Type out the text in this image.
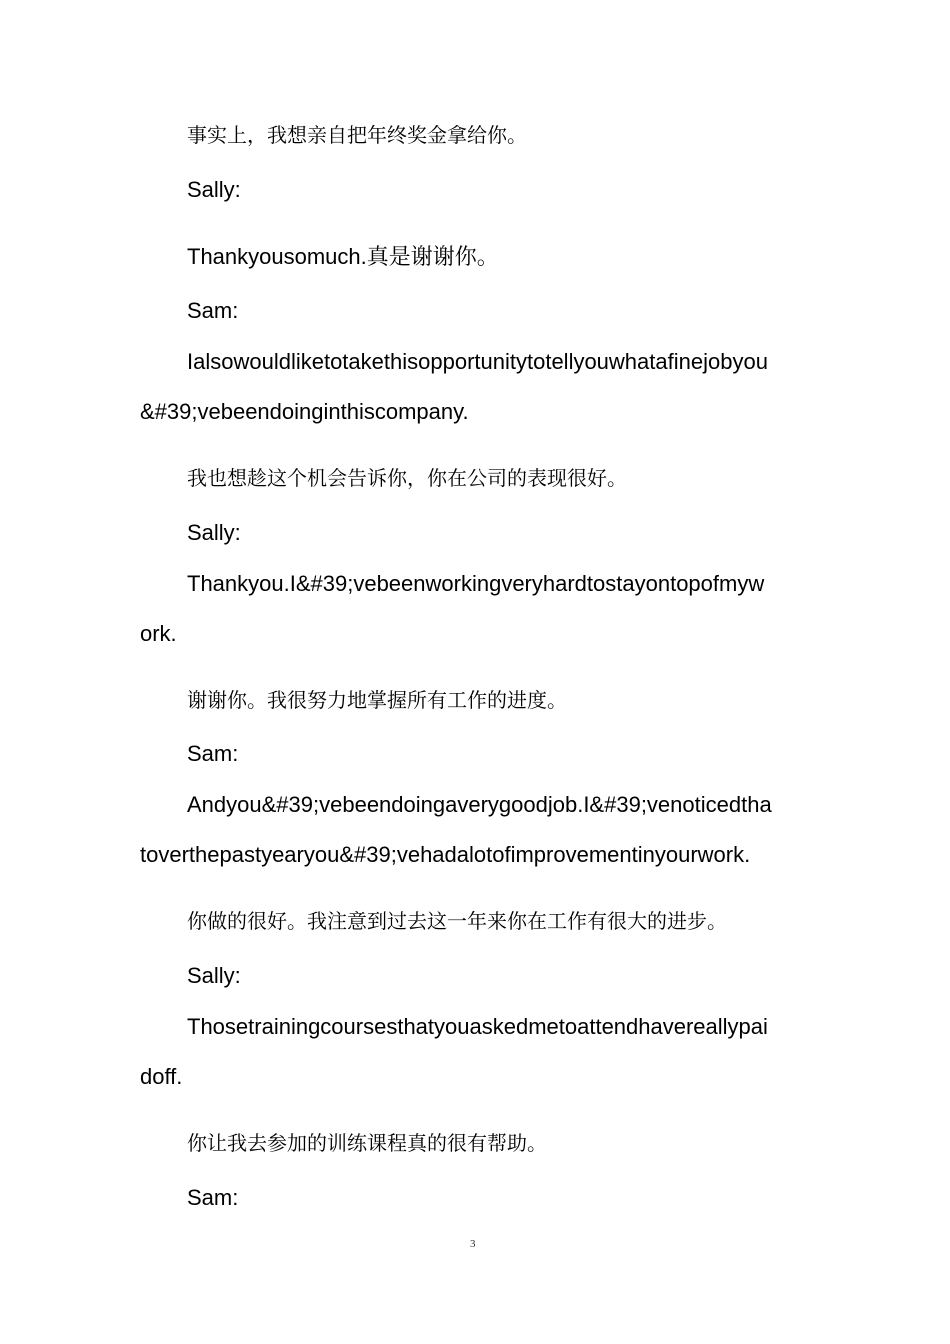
事实上，我想亲自把年终奖金拿给你。
Sally:
Thankyousomuch.真是谢谢你。
Sam:
Ialsowouldliketotakethisopportunitytotellyouwhatafinejobyou
&#39;vebeendoinginthiscompany.
我也想趁这个机会告诉你，你在公司的表现很好。
Sally:
Thankyou.I&#39;vebeenworkingveryhardtostayontopofmyw
ork.
谢谢你。我很努力地掌握所有工作的进度。
Sam:
Andyou&#39;vebeendoingaverygoodjob.I&#39;venoticedtha
toverthepastyearyou&#39;vehadalotofimprovementinyourwork.
你做的很好。我注意到过去这一年来你在工作有很大的进步。
Sally:
Thosetrainingcoursesthatyouaskedmetoattendhavereallypai
doff.
你让我去参加的训练课程真的很有帮助。
Sam:
3
